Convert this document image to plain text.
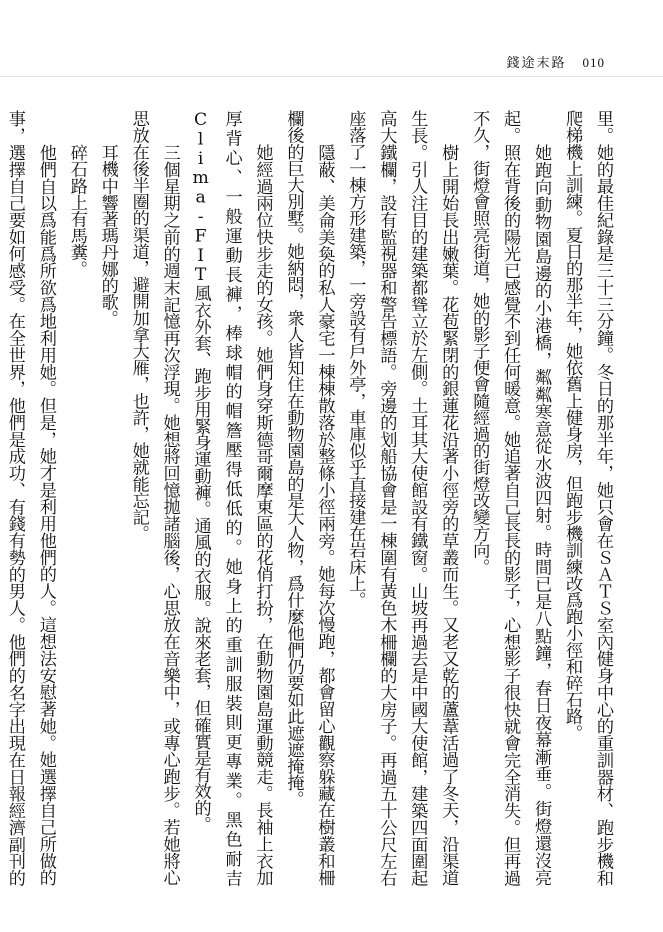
錢途末路 010

里。她的最佳紀錄是三十三分鐘。冬日的那半年，她只會在ＳＡＴＳ室內健身中心的重訓器材、跑步機和爬梯機上訓練。夏日的那半年，她依舊上健身房，但跑步機訓練改爲跑小徑和碎石路。

她跑向動物園島邊的小港橋，粼粼寒意從水波四射。時間已是八點鐘，春日夜幕漸垂。街燈還沒亮起。照在背後的陽光已感覺不到任何暖意。她追著自己長長的影子，心想影子很快就會完全消失。但再過不久，街燈會照亮街道，她的影子便會隨經過的街燈改變方向。

樹上開始長出嫩葉。花苞緊閉的銀蓮花沿著小徑旁的草叢而生。又老又乾的蘆葦活過了冬天，沿渠道生長。引人注目的建築都聳立於左側。土耳其大使館設有鐵窗。山坡再過去是中國大使館，建築四面圍起高大鐵欄，設有監視器和警告標語。旁邊的划船協會是一棟圍有黃色木柵欄的大房子。再過五十公尺左右座落了一棟方形建築，一旁設有戶外亭，車庫似乎直接建在岩床上。

隱蔽、美侖美奐的私人豪宅一棟棟散落於整條小徑兩旁。她每次慢跑，都會留心觀察躲藏在樹叢和柵欄後的巨大別墅。她納悶，衆人皆知住在動物園島的是大人物，爲什麼他們仍要如此遮遮掩掩。

她經過兩位快步走的女孩。她們身穿斯德哥爾摩東區的花俏打扮，在動物園島運動競走。長袖上衣加厚背心、一般運動長褲，棒球帽的帽簷壓得低低的。她身上的重訓服裝則更專業。黑色耐吉Clima-FIT風衣外套、跑步用緊身運動褲。通風的衣服。說來老套，但確實是有效的。

三個星期之前的週末記憶再次浮現。她想將回憶拋諸腦後，心思放在音樂中，或專心跑步。若她將心思放在後半圈的渠道，避開加拿大雁，也許，她就能忘記。

耳機中響著瑪丹娜的歌。

碎石路上有馬糞。

他們自以爲能爲所欲爲地利用她。但是，她才是利用他們的人。這想法安慰著她。她選擇自己所做的事，選擇自己要如何感受。在全世界，他們是成功、有錢有勢的男人。他們的名字出現在日報經濟副刊的
